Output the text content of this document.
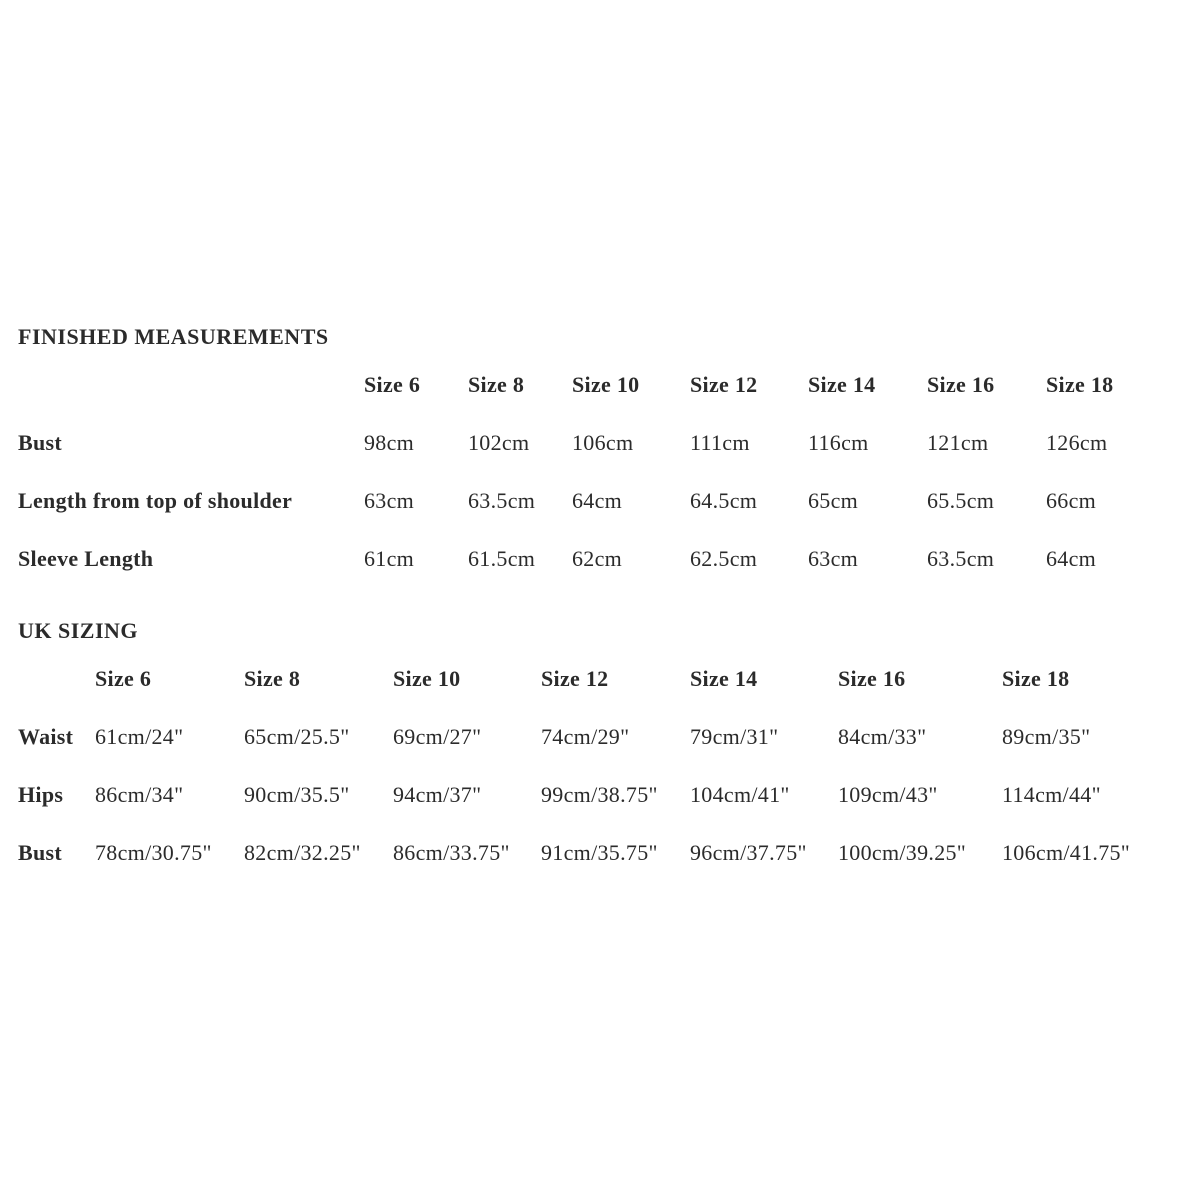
FINISHED MEASUREMENTS
Size 6 Size 8 Size 10 Size 12 Size 14 Size 16 Size 18
Bust	98cm 102cm 106cm	111cm	116cm	121cm	126cm
Length from top of shoulder	63cm 63.5cm 64cm	64.5cm 65cm	65.5cm 66cm
Sleeve Length	61cm 61.5cm 62cm	62.5cm 63cm	63.5cm 64cm
UK SIZING
Size 6	Size 8	Size 10	Size 12	Size 14	Size 16	Size 18
Waist 61cm/24"	65cm/25.5" 69cm/27"	74cm/29"	79cm/31"	84cm/33"	89cm/35"
Hips 86cm/34"	90cm/35.5" 94cm/37"	99cm/38.75" 104cm/41" 109cm/43"	114cm/44"
Bust 78cm/30.75" 82cm/32.25" 86cm/33.75" 91cm/35.75" 96cm/37.75" 100cm/39.25" 106cm/41.75"
